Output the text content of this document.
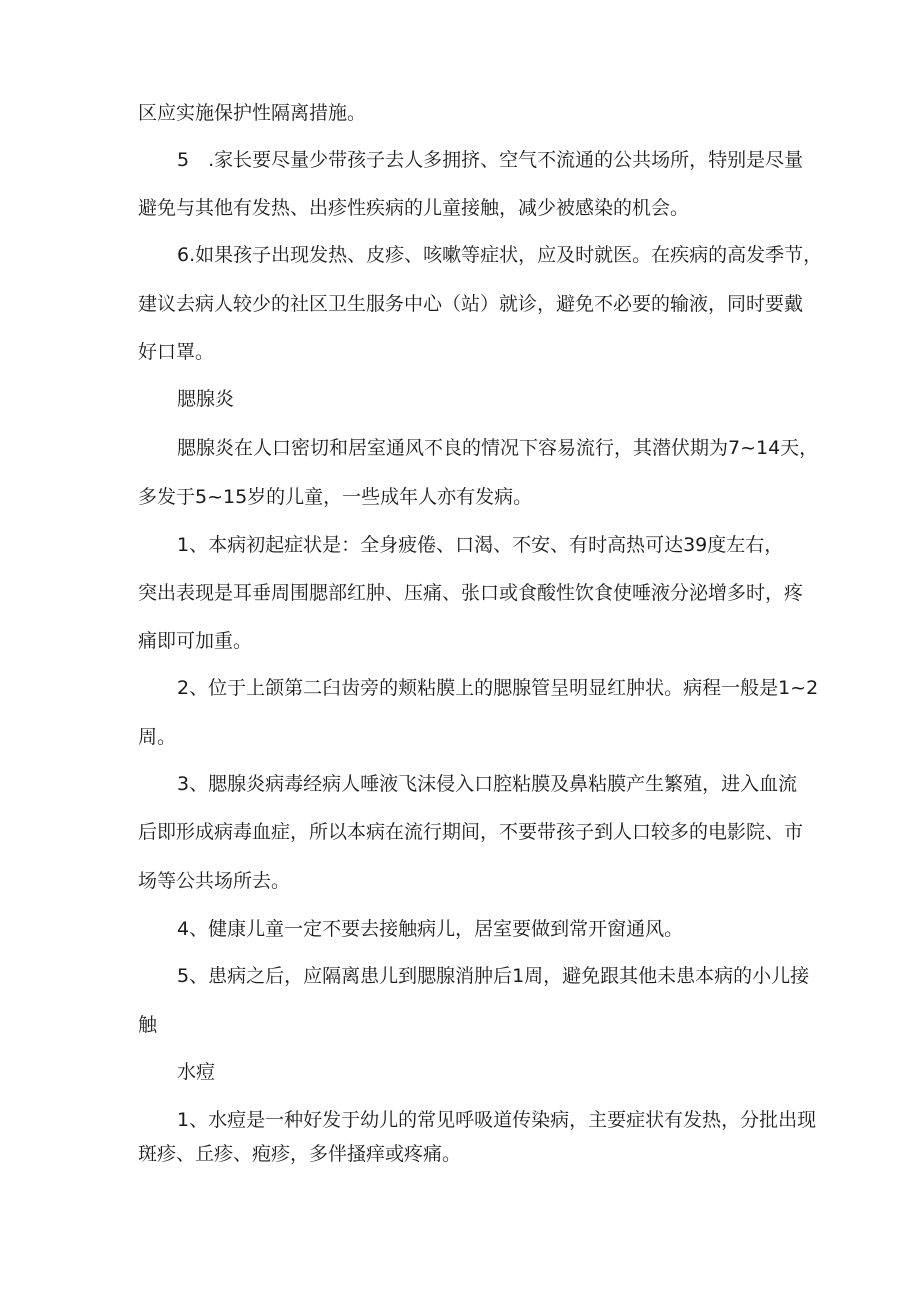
区应实施保护性隔离措施。
5　.家长要尽量少带孩子去人多拥挤、空气不流通的公共场所，特别是尽量
避免与其他有发热、出疹性疾病的儿童接触，减少被感染的机会。
6.如果孩子出现发热、皮疹、咳嗽等症状，应及时就医。在疾病的高发季节，
建议去病人较少的社区卫生服务中心（站）就诊，避免不必要的输液，同时要戴
好口罩。
腮腺炎
腮腺炎在人口密切和居室通风不良的情况下容易流行，其潜伏期为7~14天，
多发于5~15岁的儿童，一些成年人亦有发病。
1、本病初起症状是：全身疲倦、口渴、不安、有时高热可达39度左右，
突出表现是耳垂周围腮部红肿、压痛、张口或食酸性饮食使唾液分泌增多时，疼
痛即可加重。
2、位于上颌第二臼齿旁的颊粘膜上的腮腺管呈明显红肿状。病程一般是1~2
周。
3、腮腺炎病毒经病人唾液飞沫侵入口腔粘膜及鼻粘膜产生繁殖，进入血流
后即形成病毒血症，所以本病在流行期间，不要带孩子到人口较多的电影院、市
场等公共场所去。
4、健康儿童一定不要去接触病儿，居室要做到常开窗通风。
5、患病之后，应隔离患儿到腮腺消肿后1周，避免跟其他未患本病的小儿接
触
水痘
1、水痘是一种好发于幼儿的常见呼吸道传染病，主要症状有发热，分批出现
斑疹、丘疹、疱疹，多伴搔痒或疼痛。
